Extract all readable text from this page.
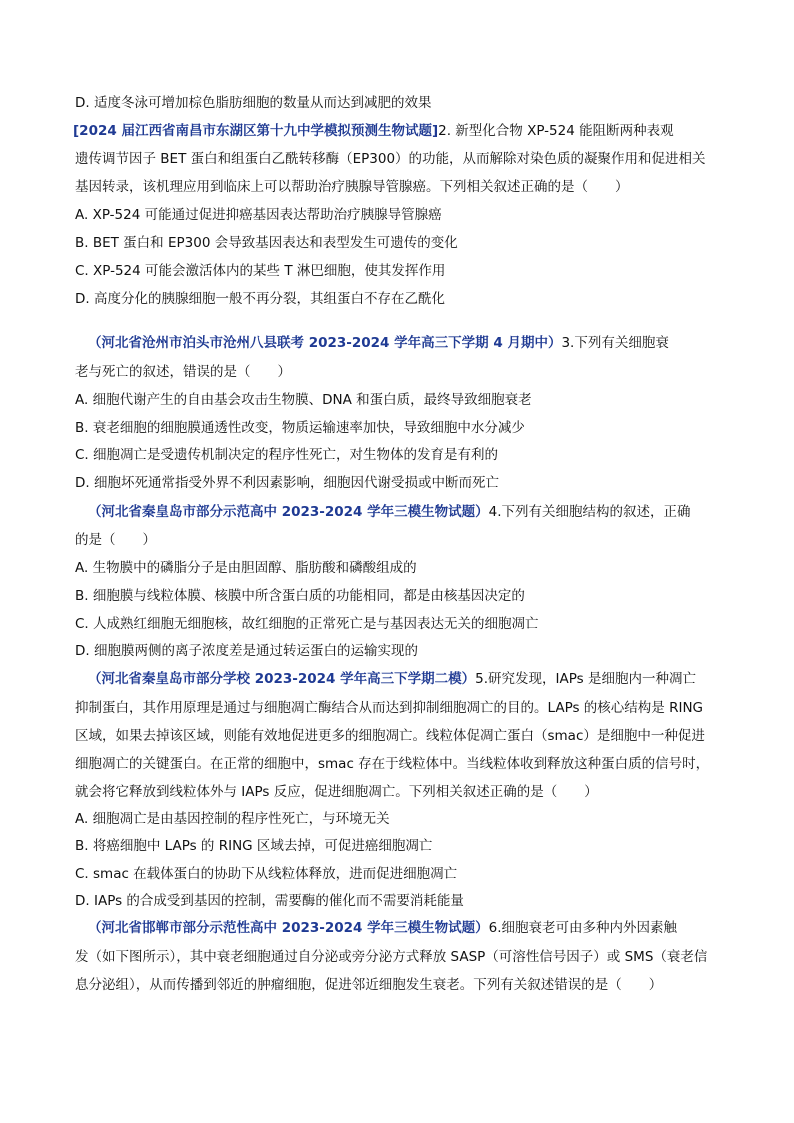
D. 适度冬泳可增加棕色脂肪细胞的数量从而达到减肥的效果
[2024 届江西省南昌市东湖区第十九中学模拟预测生物试题]2. 新型化合物 XP-524 能阻断两种表观
遗传调节因子 BET 蛋白和组蛋白乙酰转移酶（EP300）的功能，从而解除对染色质的凝聚作用和促进相关
基因转录，该机理应用到临床上可以帮助治疗胰腺导管腺癌。下列相关叙述正确的是（　　）
A. XP-524 可能通过促进抑癌基因表达帮助治疗胰腺导管腺癌
B. BET 蛋白和 EP300 会导致基因表达和表型发生可遗传的变化
C. XP-524 可能会激活体内的某些 T 淋巴细胞，使其发挥作用
D. 高度分化的胰腺细胞一般不再分裂，其组蛋白不存在乙酰化
（河北省沧州市泊头市沧州八县联考 2023-2024 学年高三下学期 4 月期中）3.下列有关细胞衰
老与死亡的叙述，错误的是（　　）
A. 细胞代谢产生的自由基会攻击生物膜、DNA 和蛋白质，最终导致细胞衰老
B. 衰老细胞的细胞膜通透性改变，物质运输速率加快，导致细胞中水分减少
C. 细胞凋亡是受遗传机制决定的程序性死亡，对生物体的发育是有利的
D. 细胞坏死通常指受外界不利因素影响，细胞因代谢受损或中断而死亡
（河北省秦皇岛市部分示范高中 2023-2024 学年三模生物试题）4.下列有关细胞结构的叙述，正确
的是（　　）
A. 生物膜中的磷脂分子是由胆固醇、脂肪酸和磷酸组成的
B. 细胞膜与线粒体膜、核膜中所含蛋白质的功能相同，都是由核基因决定的
C. 人成熟红细胞无细胞核，故红细胞的正常死亡是与基因表达无关的细胞凋亡
D. 细胞膜两侧的离子浓度差是通过转运蛋白的运输实现的
（河北省秦皇岛市部分学校 2023-2024 学年高三下学期二模）5.研究发现，IAPs 是细胞内一种凋亡
抑制蛋白，其作用原理是通过与细胞凋亡酶结合从而达到抑制细胞凋亡的目的。LAPs 的核心结构是 RING
区域，如果去掉该区域，则能有效地促进更多的细胞凋亡。线粒体促凋亡蛋白（smac）是细胞中一种促进
细胞凋亡的关键蛋白。在正常的细胞中，smac 存在于线粒体中。当线粒体收到释放这种蛋白质的信号时，
就会将它释放到线粒体外与 IAPs 反应，促进细胞凋亡。下列相关叙述正确的是（　　）
A. 细胞凋亡是由基因控制的程序性死亡，与环境无关
B. 将癌细胞中 LAPs 的 RING 区域去掉，可促进癌细胞凋亡
C. smac 在载体蛋白的协助下从线粒体释放，进而促进细胞凋亡
D. IAPs 的合成受到基因的控制，需要酶的催化而不需要消耗能量
（河北省邯郸市部分示范性高中 2023-2024 学年三模生物试题）6.细胞衰老可由多种内外因素触
发（如下图所示），其中衰老细胞通过自分泌或旁分泌方式释放 SASP（可溶性信号因子）或 SMS（衰老信
息分泌组），从而传播到邻近的肿瘤细胞，促进邻近细胞发生衰老。下列有关叙述错误的是（　　）
